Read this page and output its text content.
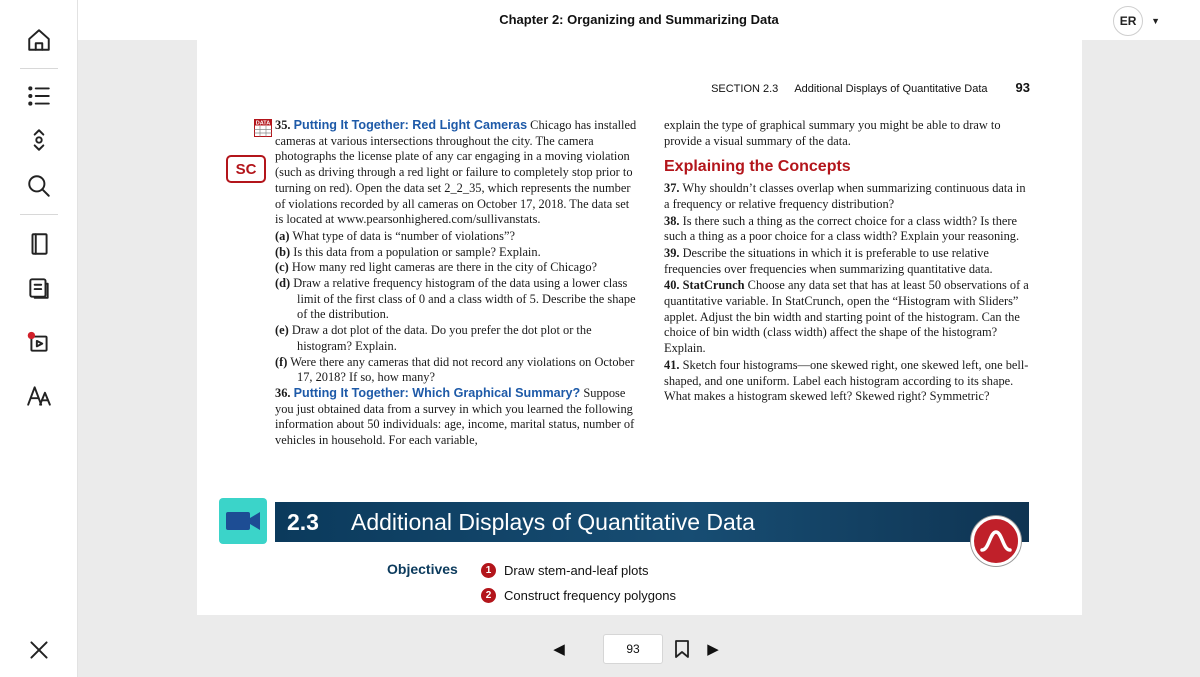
Chapter 2: Organizing and Summarizing Data	ER	▼
SECTION 2.3 Additional Displays of Quantitative Data 93
DATA
SC

35. Putting It Together: Red Light Cameras Chicago has installed cameras at various intersections throughout the city. The camera photographs the license plate of any car engaging in a moving violation (such as driving through a red light or failure to completely stop prior to turning on red). Open the data set 2_2_35, which represents the number of violations recorded by all cameras on October 17, 2018. The data set is located at www.pearsonhighered.com/sullivanstats.

(a) What type of data is “number of violations”?

(b) Is this data from a population or sample? Explain.

(c) How many red light cameras are there in the city of Chicago?

(d) Draw a relative frequency histogram of the data using a lower class limit of the first class of 0 and a class width of 5. Describe the shape of the distribution.

(e) Draw a dot plot of the data. Do you prefer the dot plot or the histogram? Explain.

(f) Were there any cameras that did not record any violations on October 17, 2018? If so, how many?

36. Putting It Together: Which Graphical Summary? Suppose you just obtained data from a survey in which you learned the following information about 50 individuals: age, income, marital status, number of vehicles in household. For each variable,

explain the type of graphical summary you might be able to draw to provide a visual summary of the data.

Explaining the Concepts

37. Why shouldn’t classes overlap when summarizing continuous data in a frequency or relative frequency distribution?

38. Is there such a thing as the correct choice for a class width? Is there such a thing as a poor choice for a class width? Explain your reasoning.

39. Describe the situations in which it is preferable to use relative frequencies over frequencies when summarizing quantitative data.

40. StatCrunch Choose any data set that has at least 50 observations of a quantitative variable. In StatCrunch, open the “Histogram with Sliders” applet. Adjust the bin width and starting point of the histogram. Can the choice of bin width (class width) affect the shape of the histogram? Explain.

41. Sketch four histograms—one skewed right, one skewed left, one bell-shaped, and one uniform. Label each histogram according to its shape. What makes a histogram skewed left? Skewed right? Symmetric?

2.3 Additional Displays of Quantitative Data
Objectives	1 Draw stem-and-leaf plots
2 Construct frequency polygons
◀	93	▶
